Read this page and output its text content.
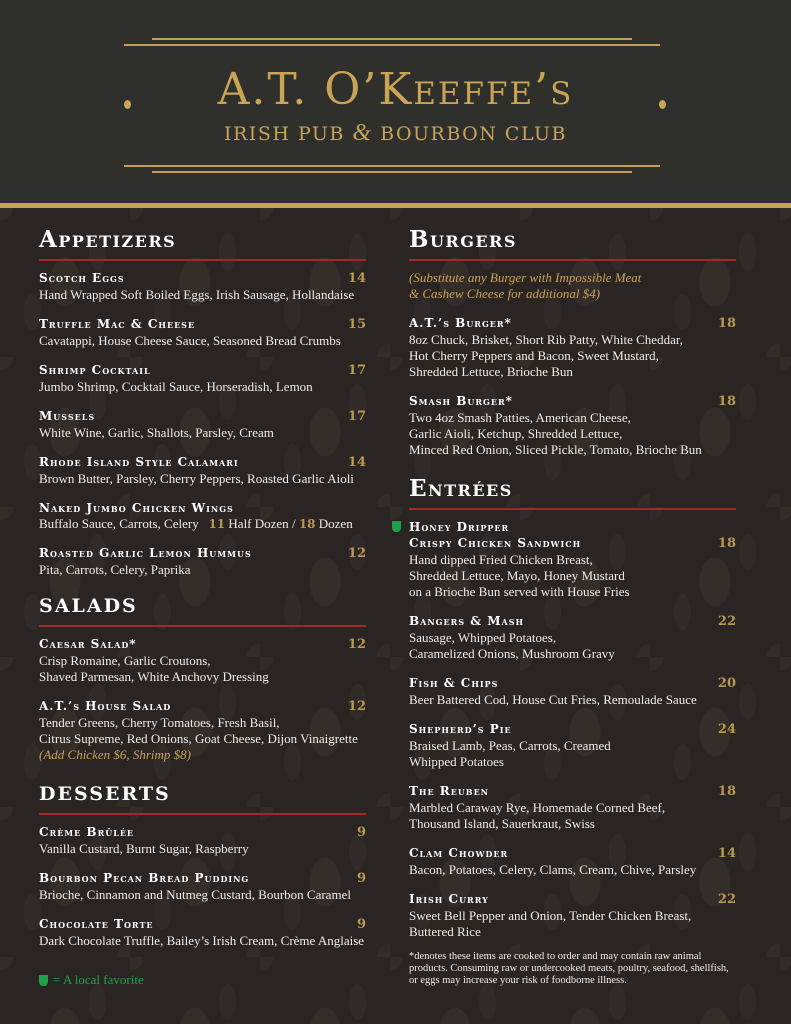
A.T. O’Keeffe’s
IRISH PUB & BOURBON CLUB
Appetizers
Scotch Eggs	14
Hand Wrapped Soft Boiled Eggs, Irish Sausage, Hollandaise
Truffle Mac & Cheese	15
Cavatappi, House Cheese Sauce, Seasoned Bread Crumbs
Shrimp Cocktail	17
Jumbo Shrimp, Cocktail Sauce, Horseradish, Lemon
Mussels	17
White Wine, Garlic, Shallots, Parsley, Cream
Rhode Island Style Calamari	14
Brown Butter, Parsley, Cherry Peppers, Roasted Garlic Aioli
Naked Jumbo Chicken Wings
Buffalo Sauce, Carrots, Celery 11 Half Dozen / 18 Dozen
Roasted Garlic Lemon Hummus	12
Pita, Carrots, Celery, Paprika
SALADS
Caesar Salad*	12
Crisp Romaine, Garlic Croutons,
Shaved Parmesan, White Anchovy Dressing
A.T.’s House Salad	12
Tender Greens, Cherry Tomatoes, Fresh Basil,
Citrus Supreme, Red Onions, Goat Cheese, Dijon Vinaigrette
(Add Chicken $6, Shrimp $8)
DESSERTS
Crème Brûlée	9
Vanilla Custard, Burnt Sugar, Raspberry
Bourbon Pecan Bread Pudding	9
Brioche, Cinnamon and Nutmeg Custard, Bourbon Caramel
Chocolate Torte	9
Dark Chocolate Truffle, Bailey’s Irish Cream, Crème Anglaise
Burgers
(Substitute any Burger with Impossible Meat
& Cashew Cheese for additional $4)
A.T.’s Burger*	18
8oz Chuck, Brisket, Short Rib Patty, White Cheddar,
Hot Cherry Peppers and Bacon, Sweet Mustard,
Shredded Lettuce, Brioche Bun
Smash Burger*	18
Two 4oz Smash Patties, American Cheese,
Garlic Aioli, Ketchup, Shredded Lettuce,
Minced Red Onion, Sliced Pickle, Tomato, Brioche Bun
Entrées
Honey Dripper
Crispy Chicken Sandwich	18
Hand dipped Fried Chicken Breast,
Shredded Lettuce, Mayo, Honey Mustard
on a Brioche Bun served with House Fries
Bangers & Mash	22
Sausage, Whipped Potatoes,
Caramelized Onions, Mushroom Gravy
Fish & Chips	20
Beer Battered Cod, House Cut Fries, Remoulade Sauce
Shepherd’s Pie	24
Braised Lamb, Peas, Carrots, Creamed
Whipped Potatoes
The Reuben	18
Marbled Caraway Rye, Homemade Corned Beef,
Thousand Island, Sauerkraut, Swiss
Clam Chowder	14
Bacon, Potatoes, Celery, Clams, Cream, Chive, Parsley
Irish Curry	22
Sweet Bell Pepper and Onion, Tender Chicken Breast,
Buttered Rice
= A local favorite
*denotes these items are cooked to order and may contain raw animal products. Consuming raw or undercooked meats, poultry, seafood, shellfish, or eggs may increase your risk of foodborne illness.
